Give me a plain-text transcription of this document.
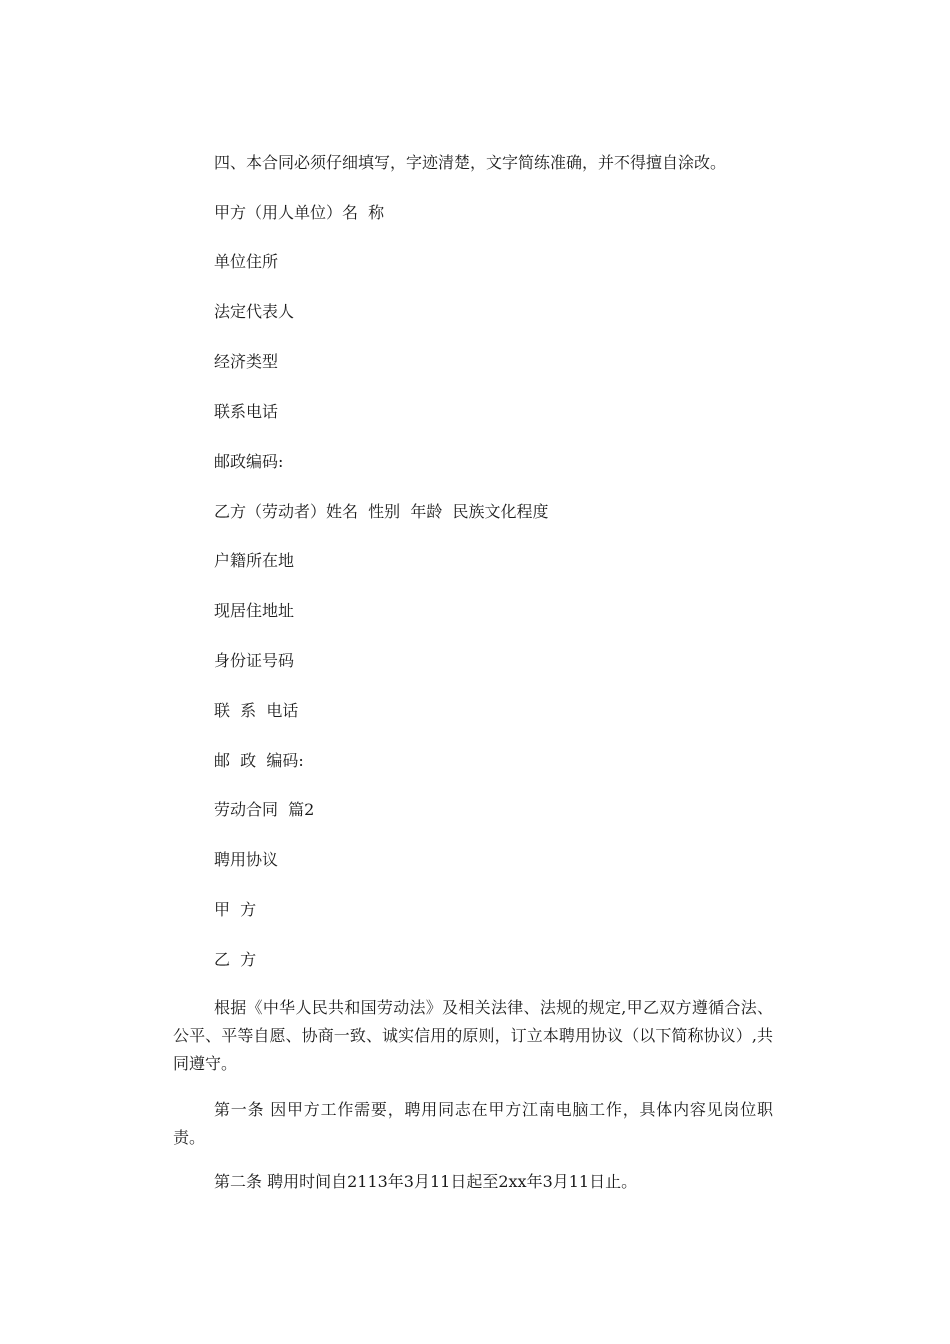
四、本合同必须仔细填写，字迹清楚，文字简练准确，并不得擅自涂改。
甲方（用人单位）名  称
单位住所
法定代表人
经济类型
联系电话
邮政编码:
乙方（劳动者）姓名  性别  年龄  民族文化程度
户籍所在地
现居住地址
身份证号码
联  系  电话
邮  政  编码:
劳动合同  篇2
聘用协议
甲  方
乙  方
根据《中华人民共和国劳动法》及相关法律、法规的规定,甲乙双方遵循合法、公平、平等自愿、协商一致、诚实信用的原则，订立本聘用协议（以下简称协议）,共同遵守。
第一条 因甲方工作需要，聘用同志在甲方江南电脑工作，具体内容见岗位职责。
第二条 聘用时间自2113年3月11日起至2xx年3月11日止。
